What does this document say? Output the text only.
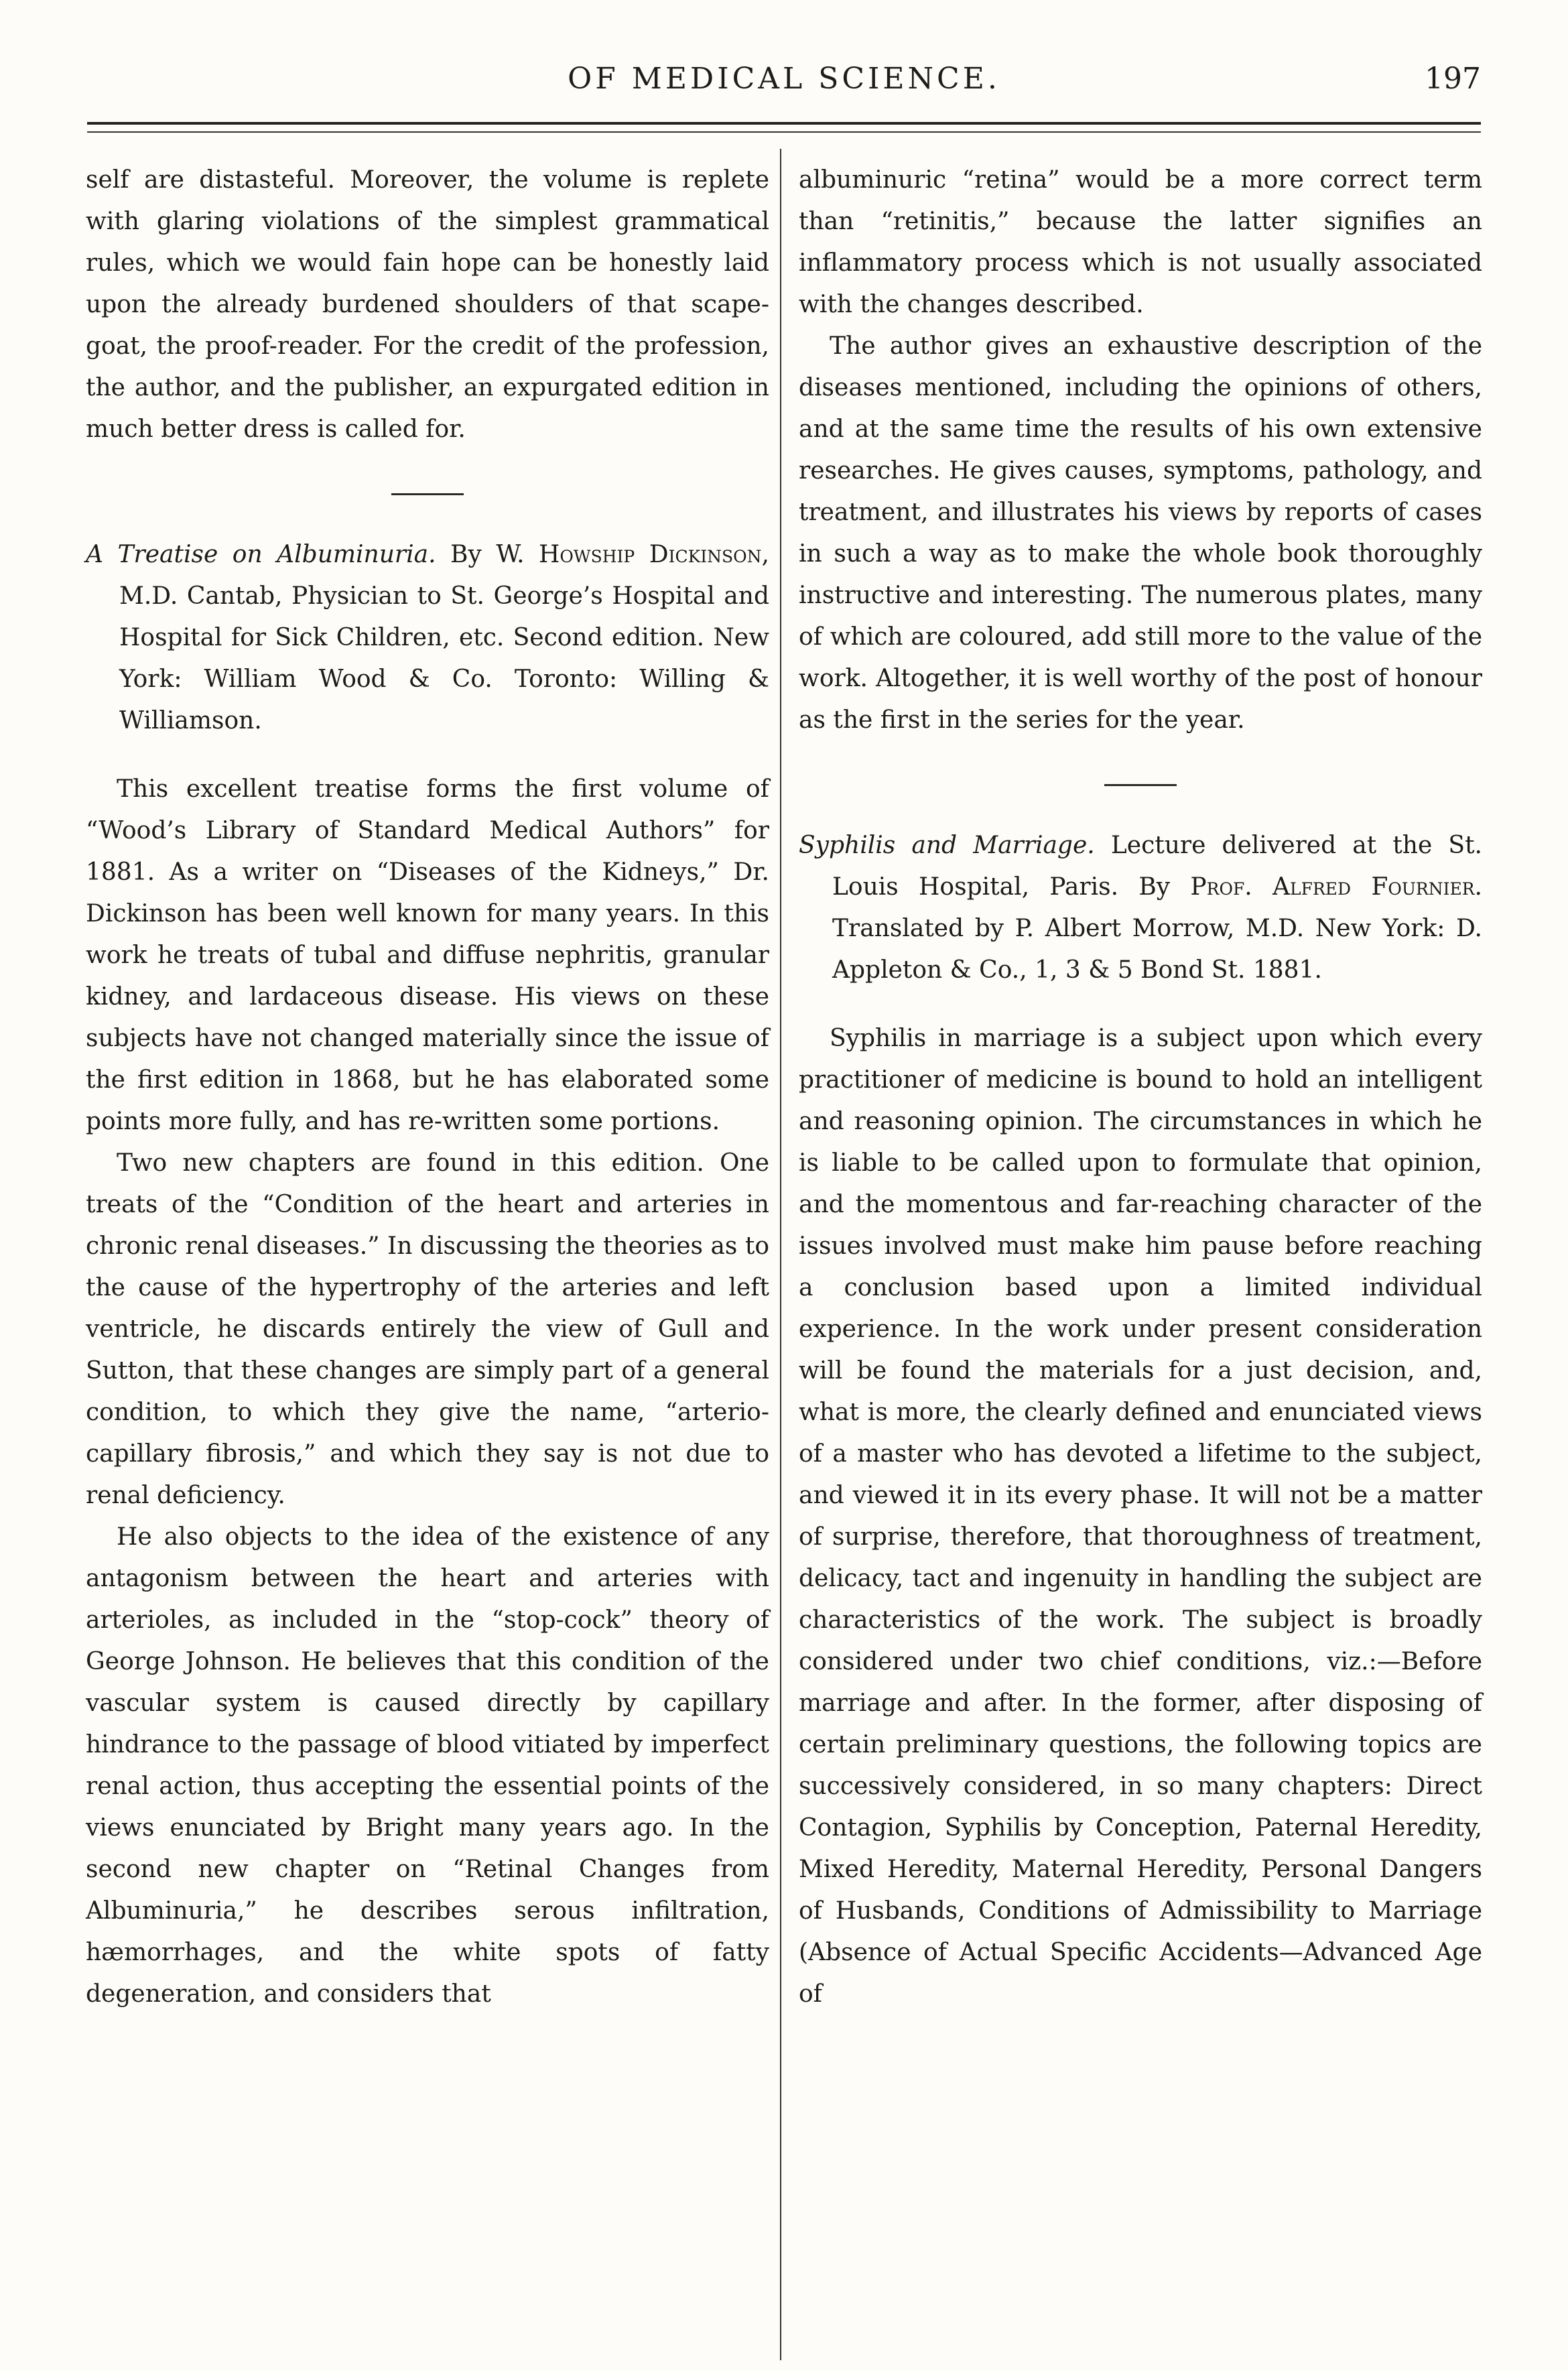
OF MEDICAL SCIENCE.	197

self are distasteful. Moreover, the volume is replete with glaring violations of the simplest grammatical rules, which we would fain hope can be honestly laid upon the already burdened shoulders of that scape-goat, the proof-reader. For the credit of the profession, the author, and the publisher, an expurgated edition in much better dress is called for.

A Treatise on Albuminuria. By W. Howship Dickinson, M.D. Cantab, Physician to St. George’s Hospital and Hospital for Sick Children, etc. Second edition. New York: William Wood & Co. Toronto: Willing & Williamson.

This excellent treatise forms the first volume of “Wood’s Library of Standard Medical Authors” for 1881. As a writer on “Diseases of the Kidneys,” Dr. Dickinson has been well known for many years. In this work he treats of tubal and diffuse nephritis, granular kidney, and lardaceous disease. His views on these subjects have not changed materially since the issue of the first edition in 1868, but he has elaborated some points more fully, and has re-written some portions.

Two new chapters are found in this edition. One treats of the “Condition of the heart and arteries in chronic renal diseases.” In discussing the theories as to the cause of the hypertrophy of the arteries and left ventricle, he discards entirely the view of Gull and Sutton, that these changes are simply part of a general condition, to which they give the name, “arterio-capillary fibrosis,” and which they say is not due to renal deficiency.

He also objects to the idea of the existence of any antagonism between the heart and arteries with arterioles, as included in the “stop-cock” theory of George Johnson. He believes that this condition of the vascular system is caused directly by capillary hindrance to the passage of blood vitiated by imperfect renal action, thus accepting the essential points of the views enunciated by Bright many years ago. In the second new chapter on “Retinal Changes from Albuminuria,” he describes serous infiltration, hæmorrhages, and the white spots of fatty degeneration, and considers that

albuminuric “retina” would be a more correct term than “retinitis,” because the latter signifies an inflammatory process which is not usually associated with the changes described.

The author gives an exhaustive description of the diseases mentioned, including the opinions of others, and at the same time the results of his own extensive researches. He gives causes, symptoms, pathology, and treatment, and illustrates his views by reports of cases in such a way as to make the whole book thoroughly instructive and interesting. The numerous plates, many of which are coloured, add still more to the value of the work. Altogether, it is well worthy of the post of honour as the first in the series for the year.

Syphilis and Marriage. Lecture delivered at the St. Louis Hospital, Paris. By Prof. Alfred Fournier. Translated by P. Albert Morrow, M.D. New York: D. Appleton & Co., 1, 3 & 5 Bond St. 1881.

Syphilis in marriage is a subject upon which every practitioner of medicine is bound to hold an intelligent and reasoning opinion. The circumstances in which he is liable to be called upon to formulate that opinion, and the momentous and far-reaching character of the issues involved must make him pause before reaching a conclusion based upon a limited individual experience. In the work under present consideration will be found the materials for a just decision, and, what is more, the clearly defined and enunciated views of a master who has devoted a lifetime to the subject, and viewed it in its every phase. It will not be a matter of surprise, therefore, that thoroughness of treatment, delicacy, tact and ingenuity in handling the subject are characteristics of the work. The subject is broadly considered under two chief conditions, viz.:—Before marriage and after. In the former, after disposing of certain preliminary questions, the following topics are successively considered, in so many chapters: Direct Contagion, Syphilis by Conception, Paternal Heredity, Mixed Heredity, Maternal Heredity, Personal Dangers of Husbands, Conditions of Admissibility to Marriage (Absence of Actual Specific Accidents—Advanced Age of
